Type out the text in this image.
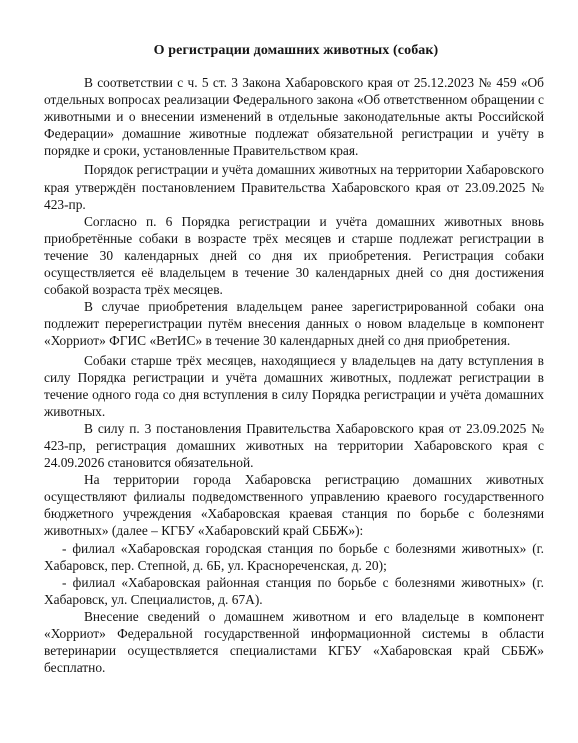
О регистрации домашних животных (собак)

В соответствии с ч. 5 ст. 3 Закона Хабаровского края от 25.12.2023 № 459 «Об отдельных вопросах реализации Федерального закона «Об ответственном обращении с животными и о внесении изменений в отдельные законодательные акты Российской Федерации» домашние животные подлежат обязательной регистрации и учёту в порядке и сроки, установленные Правительством края.

Порядок регистрации и учёта домашних животных на территории Хабаровского края утверждён постановлением Правительства Хабаровского края от 23.09.2025 № 423-пр.

Согласно п. 6 Порядка регистрации и учёта домашних животных вновь приобретённые собаки в возрасте трёх месяцев и старше подлежат регистрации в течение 30 календарных дней со дня их приобретения. Регистрация собаки осуществляется её владельцем в течение 30 календарных дней со дня достижения собакой возраста трёх месяцев.

В случае приобретения владельцем ранее зарегистрированной собаки она подлежит перерегистрации путём внесения данных о новом владельце в компонент «Хорриот» ФГИС «ВетИС» в течение 30 календарных дней со дня приобретения.

Собаки старше трёх месяцев, находящиеся у владельцев на дату вступления в силу Порядка регистрации и учёта домашних животных, подлежат регистрации в течение одного года со дня вступления в силу Порядка регистрации и учёта домашних животных.

В силу п. 3 постановления Правительства Хабаровского края от 23.09.2025 № 423-пр, регистрация домашних животных на территории Хабаровского края с 24.09.2026 становится обязательной.

На территории города Хабаровска регистрацию домашних животных осуществляют филиалы подведомственного управлению краевого государственного бюджетного учреждения «Хабаровская краевая станция по борьбе с болезнями животных» (далее – КГБУ «Хабаровский край СББЖ»):

- филиал «Хабаровская городская станция по борьбе с болезнями животных» (г. Хабаровск, пер. Степной, д. 6Б, ул. Краснореченская, д. 20);

- филиал «Хабаровская районная станция по борьбе с болезнями животных» (г. Хабаровск, ул. Специалистов, д. 67А).

Внесение сведений о домашнем животном и его владельце в компонент «Хорриот» Федеральной государственной информационной системы в области ветеринарии осуществляется специалистами КГБУ «Хабаровская край СББЖ» бесплатно.
